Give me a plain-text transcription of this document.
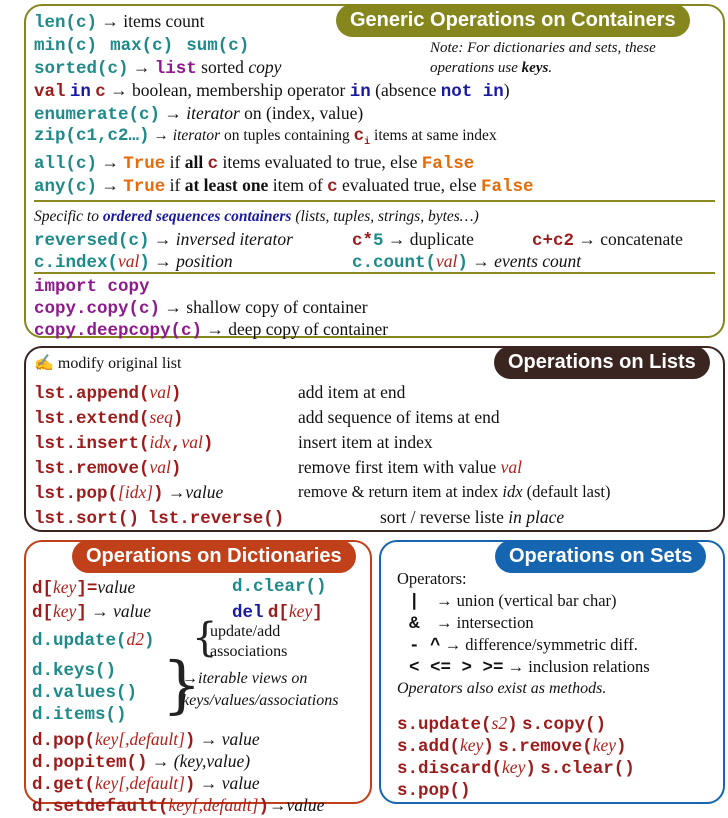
Generic Operations on Containers
Note: For dictionaries and sets, these
operations use keys.
len(c) → items count
min(c) max(c) sum(c)
sorted(c) → list sorted copy
val in c → boolean, membership operator in (absence not in)
enumerate(c) → iterator on (index, value)
zip(c1,c2…) → iterator on tuples containing $c_i$ items at same index
all(c) → True if all c items evaluated to true, else False
any(c) → True if at least one item of c evaluated true, else False
Specific to ordered sequences containers (lists, tuples, strings, bytes…)
reversed(c) → inversed iterator	c*5 → duplicate	c+c2 → concatenate
c.index(val) → position	c.count(val) → events count
import copy
copy.copy(c) → shallow copy of container
copy.deepcopy(c) → deep copy of container
Operations on Lists
✍ modify original list
lst.append(val)	add item at end
lst.extend(seq)	add sequence of items at end
lst.insert(idx,val)	insert item at index
lst.remove(val)	remove first item with value val
lst.pop([idx]) →value	remove & return item at index idx (default last)
lst.sort() lst.reverse()	sort / reverse liste in place
Operations on Dictionaries
d[key]=value	d.clear()
d[key] → value	del d[key]
d.update(d2) {
update/add
associations
d.keys()
d.values()
d.items() }
→iterable views on
keys/values/associations
d.pop(key[,default]) → value
d.popitem() → (key,value)
d.get(key[,default]) → value
d.setdefault(key[,default])→value
Operations on Sets
Operators:
|    → union (vertical bar char)
&    → intersection
- ^ → difference/symmetric diff.
< <= > >= → inclusion relations
Operators also exist as methods.
s.update(s2) s.copy()
s.add(key) s.remove(key)
s.discard(key) s.clear()
s.pop()
